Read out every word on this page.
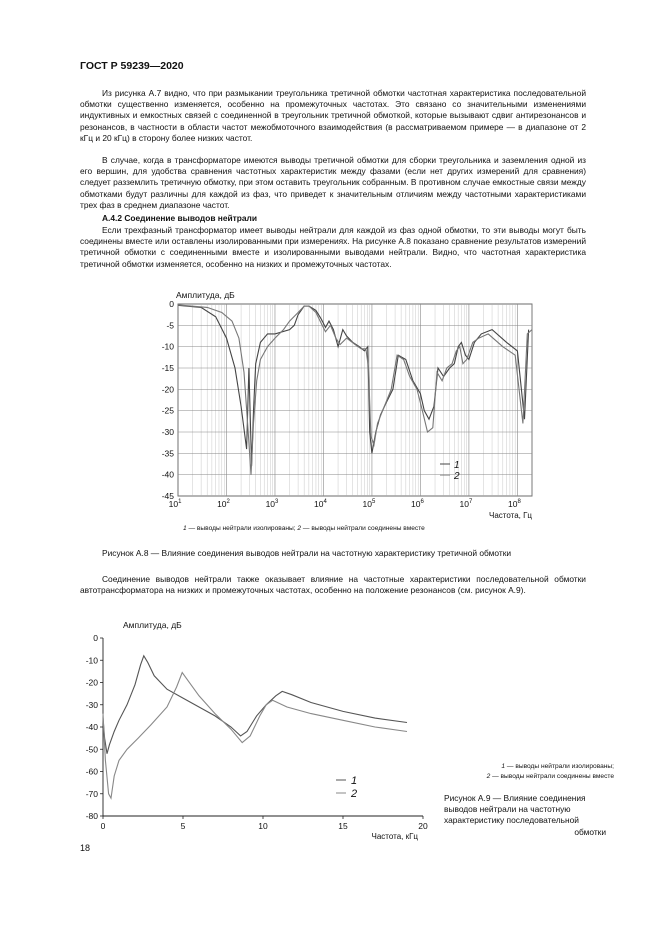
ГОСТ Р 59239—2020

Из рисунка А.7 видно, что при размыкании треугольника третичной обмотки частотная характеристика последовательной обмотки существенно изменяется, особенно на промежуточных частотах. Это связано со значительными изменениями индуктивных и емкостных связей с соединенной в треугольник третичной обмоткой, которые вызывают сдвиг антирезонансов и резонансов, в частности в области частот межобмоточного взаимодействия (в рассматриваемом примере — в диапазоне от 2 кГц и 20 кГц) в сторону более низких частот.

В случае, когда в трансформаторе имеются выводы третичной обмотки для сборки треугольника и заземления одной из его вершин, для удобства сравнения частотных характеристик между фазами (если нет других измерений для сравнения) следует разземлить третичную обмотку, при этом оставить треугольник собранным. В противном случае емкостные связи между обмотками будут различны для каждой из фаз, что приведет к значительным отличиям между частотными характеристиками трех фаз в среднем диапазоне частот.

А.4.2 Соединение выводов нейтрали

Если трехфазный трансформатор имеет выводы нейтрали для каждой из фаз одной обмотки, то эти выводы могут быть соединены вместе или оставлены изолированными при измерениях. На рисунке А.8 показано сравнение результатов измерений третичной обмотки с соединенными вместе и изолированными выводами нейтрали. Видно, что частотная характеристика третичной обмотки изменяется, особенно на низких и промежуточных частотах.

0
-5
-10
-15
-20
-25
-30
-35
-40
-45
$10^1$	$10^2$	$10^3$	$10^4$	$10^5$	$10^6$	$10^7$	$10^8$
Амплитуда, дБ
Частота, Гц
1
2
1 — выводы нейтрали изолированы; 2 — выводы нейтрали соединены вместе
Рисунок А.8 — Влияние соединения выводов нейтрали на частотную характеристику третичной обмотки

Соединение выводов нейтрали также оказывает влияние на частотные характеристики последовательной обмотки автотрансформатора на низких и промежуточных частотах, особенно на положение резонансов (см. рисунок А.9).

0
-10
-20
-30
-40
-50
-60
-70
-80
0	5	10	15	20
Амплитуда, дБ
Частота, кГц
1
2
1 — выводы нейтрали изолированы;
2 — выводы нейтрали соединены вместе
Рисунок А.9 — Влияние соединения
выводов нейтрали на частотную
характеристику последовательной
обмотки
18
